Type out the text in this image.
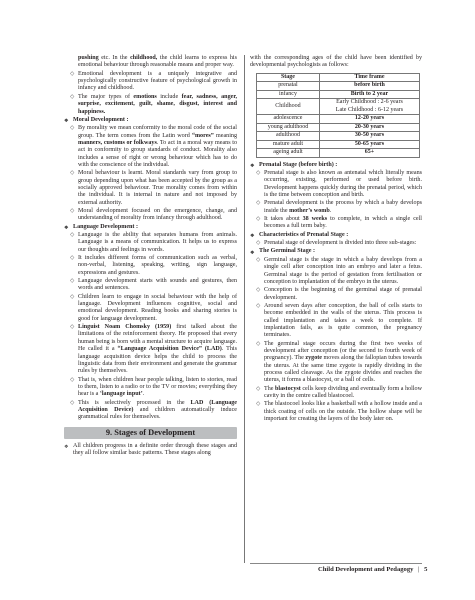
pushing etc. In the childhood, the child learns to express his emotional behaviour through reasonable means and proper way.

◇ Emotional development is a uniquely integrative and psychologically constructive feature of psychological growth in infancy and childhood.
◇ The major types of emotions include fear, sadness, anger, surprise, excitement, guilt, shame, disgust, interest and happiness.
❖ Moral Development :
◇ By morality we mean conformity to the moral code of the social group. The term comes from the Latin word “mores” meaning manners, customs or folkways. To act in a moral way means to act in conformity to group standards of conduct. Morality also includes a sense of right or wrong behaviour which has to do with the conscience of the individual.
◇ Moral behaviour is learnt. Moral standards vary from group to group depending upon what has been accepted by the group as a socially approved behaviour. True morality comes from within the individual. It is internal in nature and not imposed by external authority.
◇ Moral development focused on the emergence, change, and understanding of morality from infancy through adulthood.
❖ Language Development :
◇ Language is the ability that separates humans from animals. Language is a means of communication. It helps us to express our thoughts and feelings in words.
◇ It includes different forms of communication such as verbal, non-verbal, listening, speaking, writing, sign language, expressions and gestures.
◇ Language development starts with sounds and gestures, then words and sentences.
◇ Children learn to engage in social behaviour with the help of language. Development influences cognitive, social and emotional development. Reading books and sharing stories is good for language development.
◇ Linguist Noam Chomsky (1959) first talked about the limitations of the reinforcement theory. He proposed that every human being is born with a mental structure to acquire language. He called it a “Language Acquisition Device” (LAD). This language acquisition device helps the child to process the linguistic data from their environment and generate the grammar rules by themselves.
◇ That is, when children hear people talking, listen to stories, read to them, listen to a radio or to the TV or movies; everything they hear is a ‘language input’.
◇ This is selectively processed in the LAD (Language Acquisition Device) and children automatically induce grammatical rules for themselves.
9. Stages of Development
❖ All children progress in a definite order through these stages and they all follow similar basic patterns. These stages along

with the corresponding ages of the child have been identified by developmental psychologists as follows:

Stage	Time frame
prenatal	before birth
infancy	Birth to 2 year
Childhood	Early Childhood : 2-6 years
Late Childhood : 6-12 years
adolescence	12-20 years
young adulthood	20-30 years
adulthood	30-50 years
mature adult	50-65 years
ageing adult	65+
❖ Prenatal Stage (before birth) :
◇ Prenatal stage is also known as antenatal which literally means occurring, existing, performed or used before birth. Development happens quickly during the prenatal period, which is the time between conception and birth.
◇ Prenatal development is the process by which a baby develops inside the mother’s womb.
◇ It takes about 38 weeks to complete, in which a single cell becomes a full term baby.
❖ Characteristics of Prenatal Stage :
◇ Prenatal stage of development is divided into three sub-stages:
❖ The Germinal Stage :
◇ Germinal stage is the stage in which a baby develops from a single cell after conception into an embryo and later a fetus. Germinal stage is the period of gestation from fertilisation or conception to implantation of the embryo in the uterus.
◇ Conception is the beginning of the germinal stage of prenatal development.
◇ Around seven days after conception, the ball of cells starts to become embedded in the walls of the uterus. This process is called implantation and takes a week to complete. If implantation fails, as is quite common, the pregnancy terminates.
◇ The germinal stage occurs during the first two weeks of development after conception (or the second to fourth week of pregnancy). The zygote moves along the fallopian tubes towards the uterus. At the same time zygote is rapidly dividing in the process called cleavage. As the zygote divides and reaches the uterus, it forms a blastocyst, or a ball of cells.
◇ The blastocyst cells keep dividing and eventually form a hollow cavity in the centre called blastocoel.
◇ The blastocoel looks like a basketball with a hollow inside and a thick coating of cells on the outside. The hollow shape will be important for creating the layers of the body later on.
Child Development and Pedagogy | 5
